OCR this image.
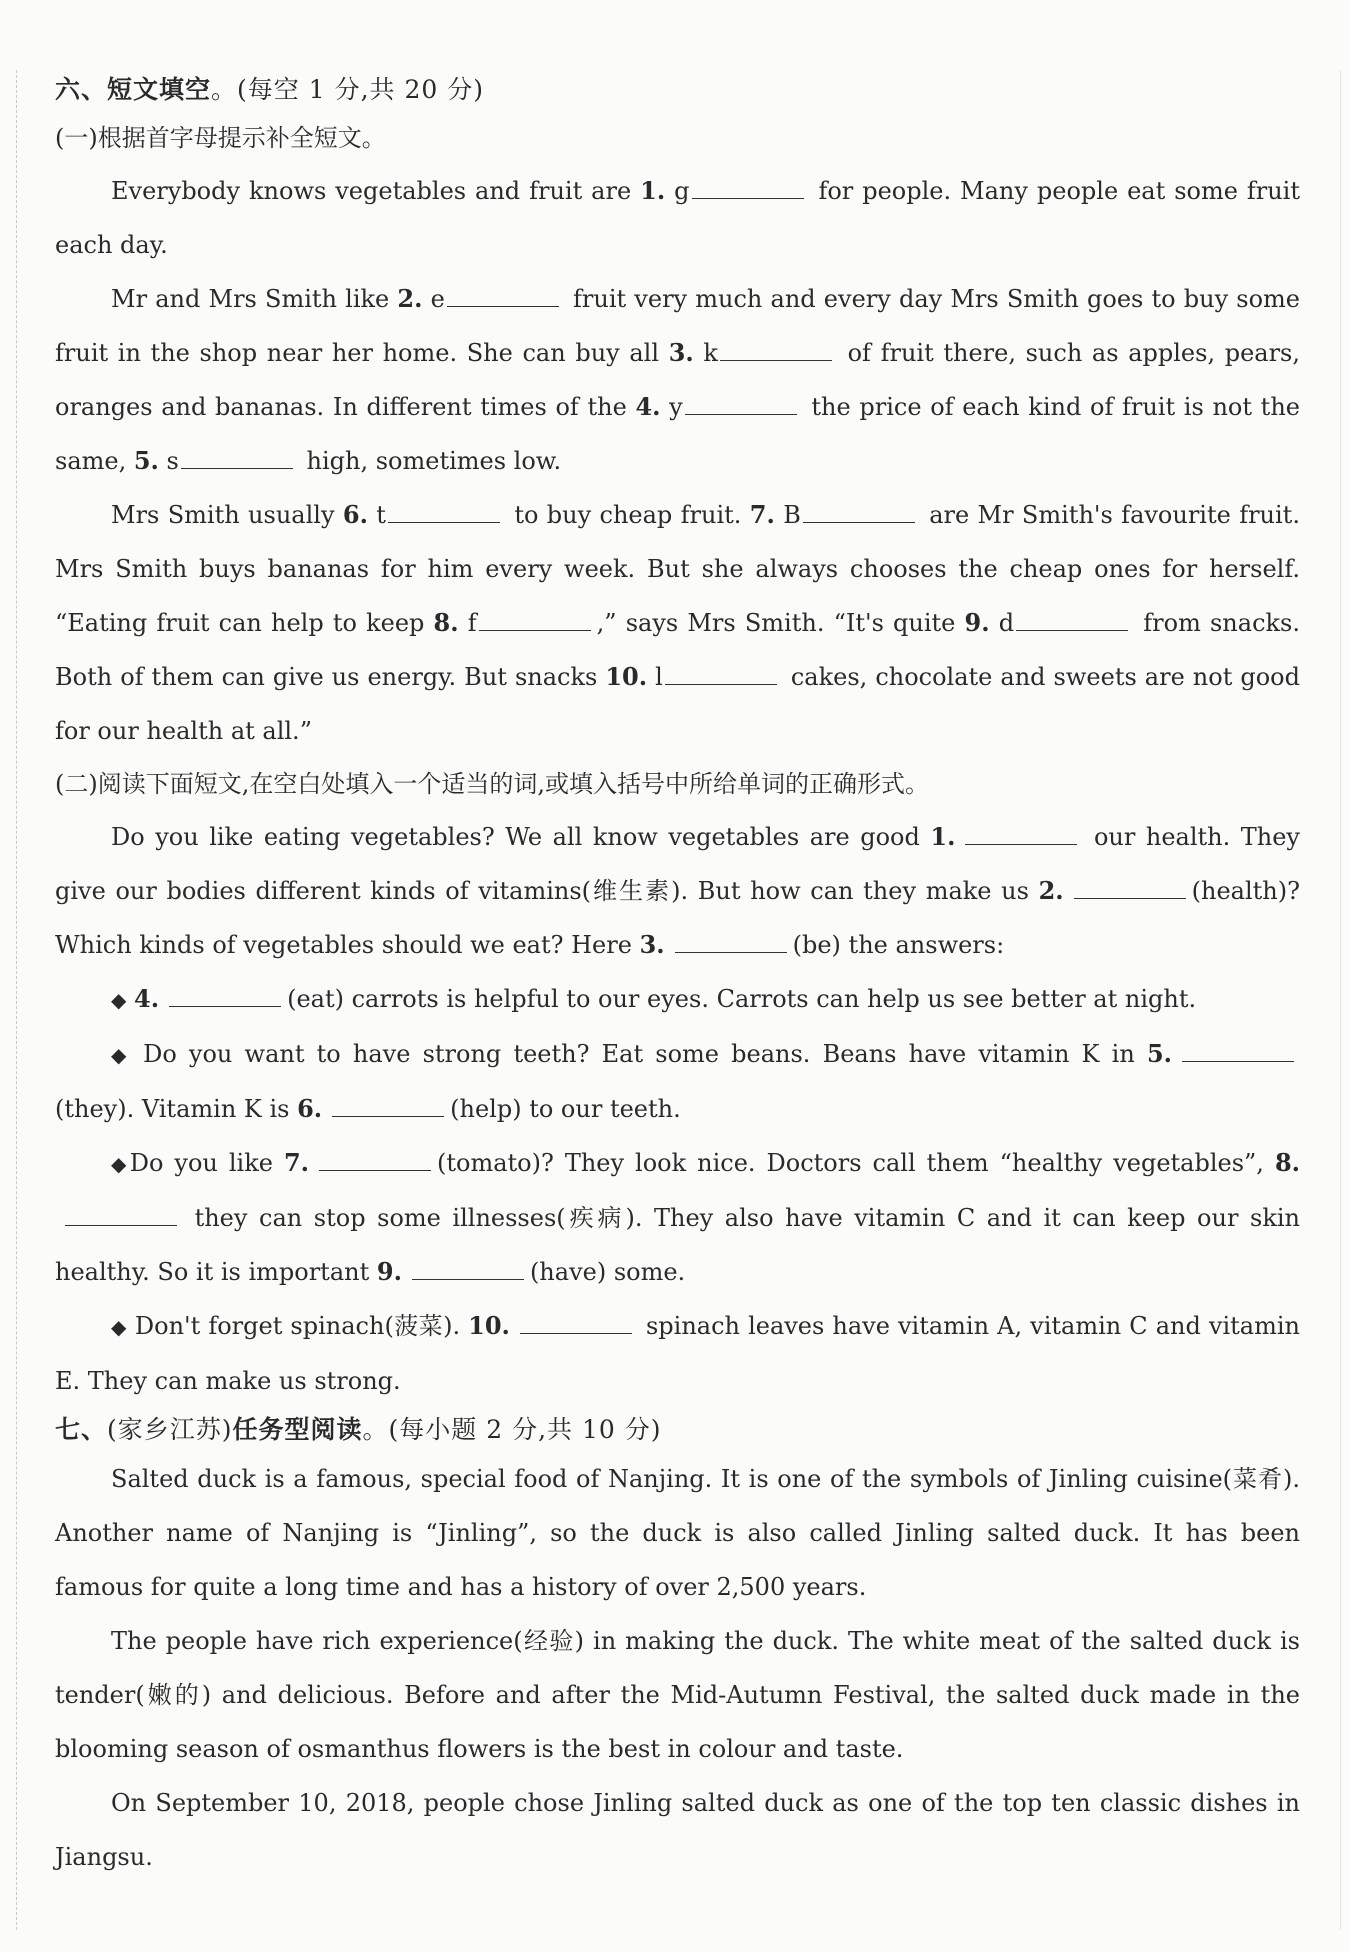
六、短文填空。(每空 1 分,共 20 分)
(一)根据首字母提示补全短文。

Everybody knows vegetables and fruit are 1. g	for people. Many people eat some fruit each day.

Mr and Mrs Smith like 2. e	fruit very much and every day Mrs Smith goes to buy some fruit in the shop near her home. She can buy all 3. k	of fruit there, such as apples, pears, oranges and bananas. In different times of the 4. y	the price of each kind of fruit is not the same, 5. s	high, sometimes low.

Mrs Smith usually 6. t	to buy cheap fruit. 7. B	are Mr Smith's favourite fruit. Mrs Smith buys bananas for him every week. But she always chooses the cheap ones for herself. “Eating fruit can help to keep 8. f	,” says Mrs Smith. “It's quite 9. d	from snacks. Both of them can give us energy. But snacks 10. l	cakes, chocolate and sweets are not good for our health at all.”

(二)阅读下面短文,在空白处填入一个适当的词,或填入括号中所给单词的正确形式。

Do you like eating vegetables? We all know vegetables are good 1.	our health. They give our bodies different kinds of vitamins(维生素). But how can they make us 2.	(health)? Which kinds of vegetables should we eat? Here 3.	(be) the answers:

◆ 4.	(eat) carrots is helpful to our eyes. Carrots can help us see better at night.

◆ Do you want to have strong teeth? Eat some beans. Beans have vitamin K in 5.(they). Vitamin K is 6.	(help) to our teeth.

◆Do you like 7.	(tomato)? They look nice. Doctors call them “healthy vegetables”, 8. they can stop some illnesses(疾病). They also have vitamin C and it can keep our skin healthy. So it is important 9.	(have) some.

◆ Don't forget spinach(菠菜). 10.	spinach leaves have vitamin A, vitamin C and vitamin E. They can make us strong.

七、(家乡江苏)任务型阅读。(每小题 2 分,共 10 分)

Salted duck is a famous, special food of Nanjing. It is one of the symbols of Jinling cuisine(菜肴). Another name of Nanjing is “Jinling”, so the duck is also called Jinling salted duck. It has been famous for quite a long time and has a history of over 2,500 years.

The people have rich experience(经验) in making the duck. The white meat of the salted duck is tender(嫩的) and delicious. Before and after the Mid-Autumn Festival, the salted duck made in the blooming season of osmanthus flowers is the best in colour and taste.

On September 10, 2018, people chose Jinling salted duck as one of the top ten classic dishes in Jiangsu.
